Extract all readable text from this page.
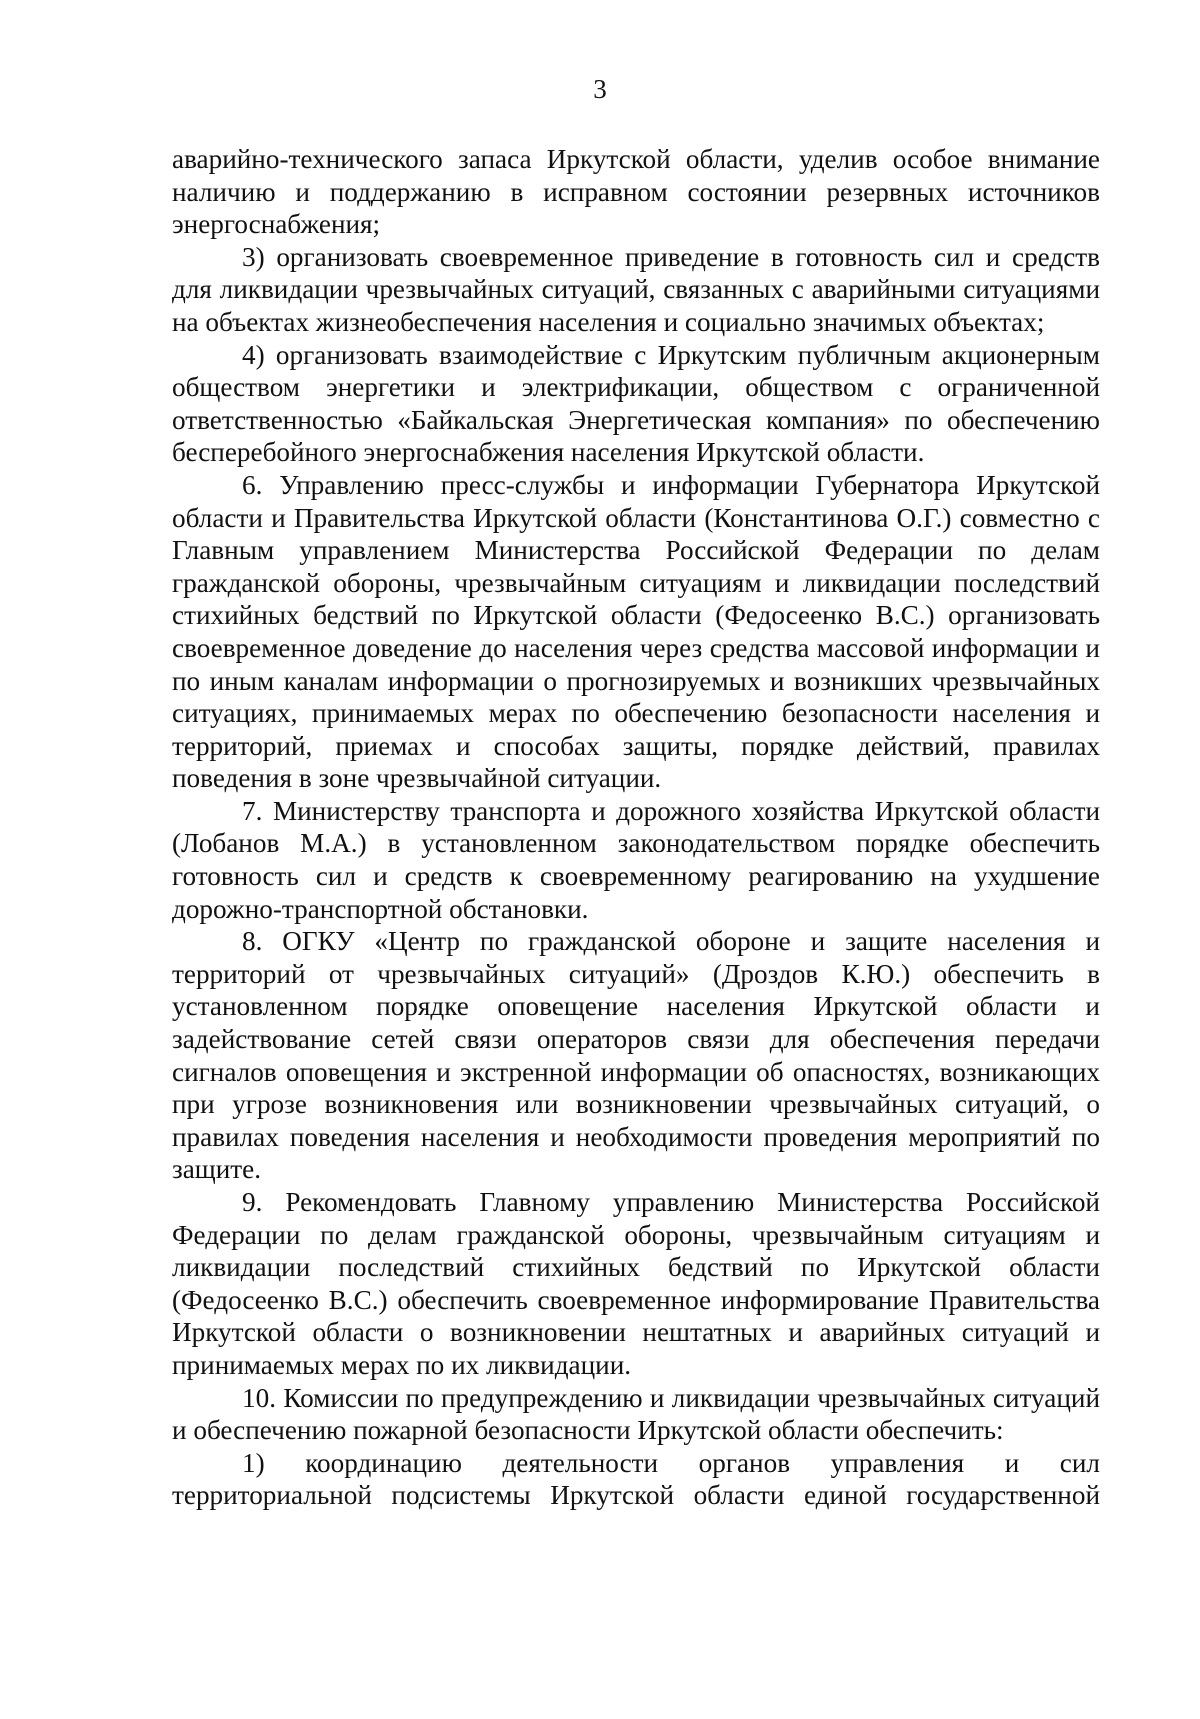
3

аварийно-технического запаса Иркутской области, уделив особое внимание наличию и поддержанию в исправном состоянии резервных источников энергоснабжения;

3) организовать своевременное приведение в готовность сил и средств для ликвидации чрезвычайных ситуаций, связанных с аварийными ситуациями на объектах жизнеобеспечения населения и социально значимых объектах;

4) организовать взаимодействие с Иркутским публичным акционерным обществом энергетики и электрификации, обществом с ограниченной ответственностью «Байкальская Энергетическая компания» по обеспечению бесперебойного энергоснабжения населения Иркутской области.

6. Управлению пресс-службы и информации Губернатора Иркутской области и Правительства Иркутской области (Константинова О.Г.) совместно с Главным управлением Министерства Российской Федерации по делам гражданской обороны, чрезвычайным ситуациям и ликвидации последствий стихийных бедствий по Иркутской области (Федосеенко В.С.) организовать своевременное доведение до населения через средства массовой информации и по иным каналам информации о прогнозируемых и возникших чрезвычайных ситуациях, принимаемых мерах по обеспечению безопасности населения и территорий, приемах и способах защиты, порядке действий, правилах поведения в зоне чрезвычайной ситуации.

7. Министерству транспорта и дорожного хозяйства Иркутской области (Лобанов М.А.) в установленном законодательством порядке обеспечить готовность сил и средств к своевременному реагированию на ухудшение дорожно-транспортной обстановки.

8. ОГКУ «Центр по гражданской обороне и защите населения и территорий от чрезвычайных ситуаций» (Дроздов К.Ю.) обеспечить в установленном порядке оповещение населения Иркутской области и задействование сетей связи операторов связи для обеспечения передачи сигналов оповещения и экстренной информации об опасностях, возникающих при угрозе возникновения или возникновении чрезвычайных ситуаций, о правилах поведения населения и необходимости проведения мероприятий по защите.

9. Рекомендовать Главному управлению Министерства Российской Федерации по делам гражданской обороны, чрезвычайным ситуациям и ликвидации последствий стихийных бедствий по Иркутской области (Федосеенко В.С.) обеспечить своевременное информирование Правительства Иркутской области о возникновении нештатных и аварийных ситуаций и принимаемых мерах по их ликвидации.

10. Комиссии по предупреждению и ликвидации чрезвычайных ситуаций и обеспечению пожарной безопасности Иркутской области обеспечить:

1) координацию деятельности органов управления и сил территориальной подсистемы Иркутской области единой государственной
